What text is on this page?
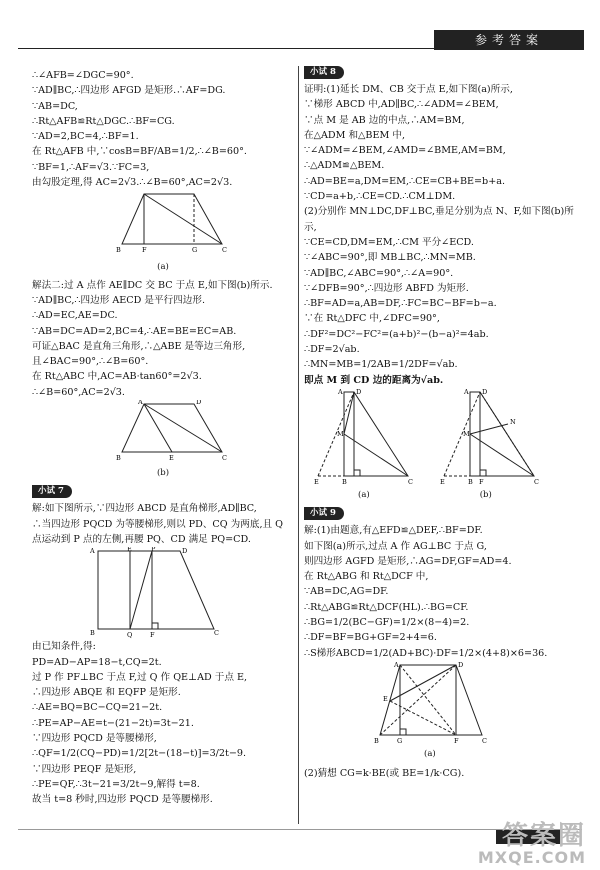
参考答案
∴∠AFB=∠DGC=90°.
∵AD∥BC,∴四边形 AFGD 是矩形.∴AF=DG.
∵AB=DC,
∴Rt△AFB≌Rt△DGC.∴BF=CG.
∵AD=2,BC=4,∴BF=1.
在 Rt△AFB 中,∵cosB=BF/AB=1/2,∴∠B=60°.
∵BF=1,∴AF=√3.∵FC=3,
由勾股定理,得 AC=2√3.∴∠B=60°,AC=2√3.
B	F	G	C
(a)
解法二:过 A 点作 AE∥DC 交 BC 于点 E,如下图(b)所示.
∵AD∥BC,∴四边形 AECD 是平行四边形.
∴AD=EC,AE=DC.
∵AB=DC=AD=2,BC=4,∴AE=BE=EC=AB.
可证△BAC 是直角三角形,∴△ABE 是等边三角形,
且∠BAC=90°,∴∠B=60°.
在 Rt△ABC 中,AC=AB·tan60°=2√3.
∴∠B=60°,AC=2√3.
A	D
B	E	C
(b)
小试 7
解:如下图所示,∵四边形 ABCD 是直角梯形,AD∥BC,
∴当四边形 PQCD 为等腰梯形,则以 PD、CQ 为两底,且 Q 点运动到 P 点的左侧,再腰 PQ、CD 满足 PQ=CD.
A	E	P	D
B	Q	F	C
由已知条件,得:
PD=AD−AP=18−t,CQ=2t.
过 P 作 PF⊥BC 于点 F,过 Q 作 QE⊥AD 于点 E,
∴四边形 ABQE 和 EQFP 是矩形.
∴AE=BQ=BC−CQ=21−2t.
∴PE=AP−AE=t−(21−2t)=3t−21.
∵四边形 PQCD 是等腰梯形,
∴QF=1/2(CQ−PD)=1/2[2t−(18−t)]=3/2t−9.
∵四边形 PEQF 是矩形,
∴PE=QF,∴3t−21=3/2t−9,解得 t=8.
故当 t=8 秒时,四边形 PQCD 是等腰梯形.
小试 8
证明:(1)延长 DM、CB 交于点 E,如下图(a)所示,
∵梯形 ABCD 中,AD∥BC,∴∠ADM=∠BEM,
∵点 M 是 AB 边的中点,∴AM=BM,
在△ADM 和△BEM 中,
∵∠ADM=∠BEM,∠AMD=∠BME,AM=BM,
∴△ADM≌△BEM.
∴AD=BE=a,DM=EM,∴CE=CB+BE=b+a.
∵CD=a+b,∴CE=CD.∴CM⊥DM.
(2)分别作 MN⊥DC,DF⊥BC,垂足分别为点 N、F,如下图(b)所示,
∵CE=CD,DM=EM,∴CM 平分∠ECD.
∵∠ABC=90°,即 MB⊥BC,∴MN=MB.
∵AD∥BC,∠ABC=90°,∴∠A=90°.
∵∠DFB=90°,∴四边形 ABFD 为矩形.
∴BF=AD=a,AB=DF,∴FC=BC−BF=b−a.
∵在 Rt△DFC 中,∠DFC=90°,
∴DF²=DC²−FC²=(a+b)²−(b−a)²=4ab.
∴DF=2√ab.
∴MN=MB=1/2AB=1/2DF=√ab.
即点 M 到 CD 边的距离为√ab.
A D
M
E	B	C
A D
M
N
E	B F	C
(a)	(b)
小试 9
解:(1)由题意,有△EFD≌△DEF,∴BF=DF.
如下图(a)所示,过点 A 作 AG⊥BC 于点 G,
则四边形 AGFD 是矩形,∴AG=DF,GF=AD=4.
在 Rt△ABG 和 Rt△DCF 中,
∵AB=DC,AG=DF.
∴Rt△ABG≌Rt△DCF(HL).∴BG=CF.
∴BG=1/2(BC−GF)=1/2×(8−4)=2.
∴DF=BF=BG+GF=2+4=6.
∴S梯形ABCD=1/2(AD+BC)·DF=1/2×(4+8)×6=36.
A	D
E
B	G	F	C
(a)
(2)猜想 CG=k·BE(或 BE=1/k·CG).
答案圈
MXQE.COM
